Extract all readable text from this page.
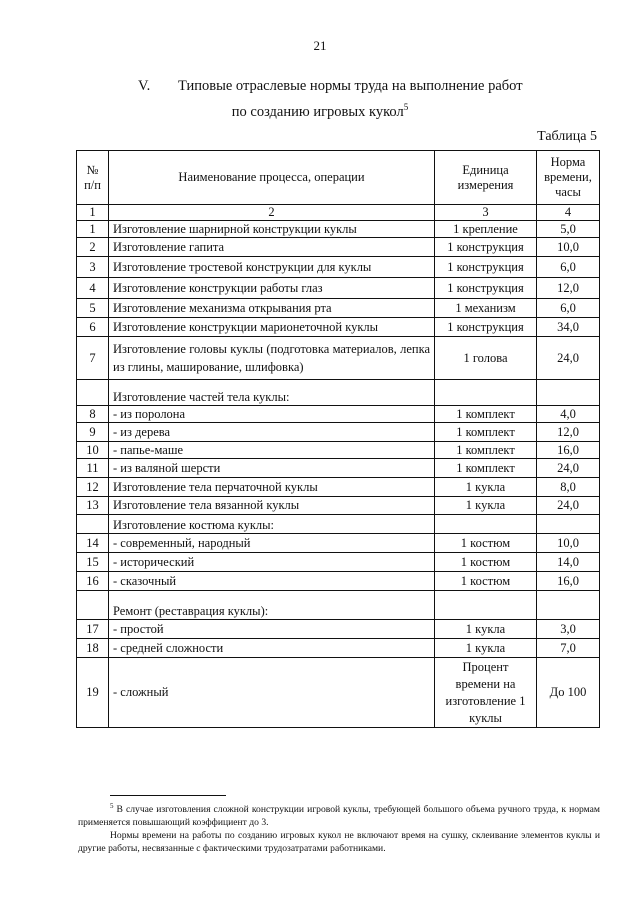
21
V. Типовые отраслевые нормы труда на выполнение работ
по созданию игровых кукол$^5$
Таблица 5
№ п/п	Наименование процесса, операции	Единица измерения	Норма времени, часы
1	2	3	4
1	Изготовление шарнирной конструкции куклы	1 крепление	5,0
2	Изготовление гапита	1 конструкция	10,0
3	Изготовление тростевой конструкции для куклы	1 конструкция	6,0
4	Изготовление конструкции работы глаз	1 конструкция	12,0
5	Изготовление механизма открывания рта	1 механизм	6,0
6	Изготовление конструкции марионеточной куклы	1 конструкция	34,0
7	Изготовление головы куклы (подготовка материалов, лепка из глины, маширование, шлифовка)	1 голова	24,0
	Изготовление частей тела куклы:		
8	- из поролона	1 комплект	4,0
9	- из дерева	1 комплект	12,0
10	- папье-маше	1 комплект	16,0
11	- из валяной шерсти	1 комплект	24,0
12	Изготовление тела перчаточной куклы	1 кукла	8,0
13	Изготовление тела вязанной куклы	1 кукла	24,0
	Изготовление костюма куклы:		
14	- современный, народный	1 костюм	10,0
15	- исторический	1 костюм	14,0
16	- сказочный	1 костюм	16,0
	Ремонт (реставрация куклы):		
17	- простой	1 кукла	3,0
18	- средней сложности	1 кукла	7,0
19	- сложный	Процент времени на изготовление 1 куклы	До 100

$^5$ В случае изготовления сложной конструкции игровой куклы, требующей большого объема ручного труда, к нормам применяется повышающий коэффициент до 3.

Нормы времени на работы по созданию игровых кукол не включают время на сушку, склеивание элементов куклы и другие работы, несвязанные с фактическими трудозатратами работниками.
